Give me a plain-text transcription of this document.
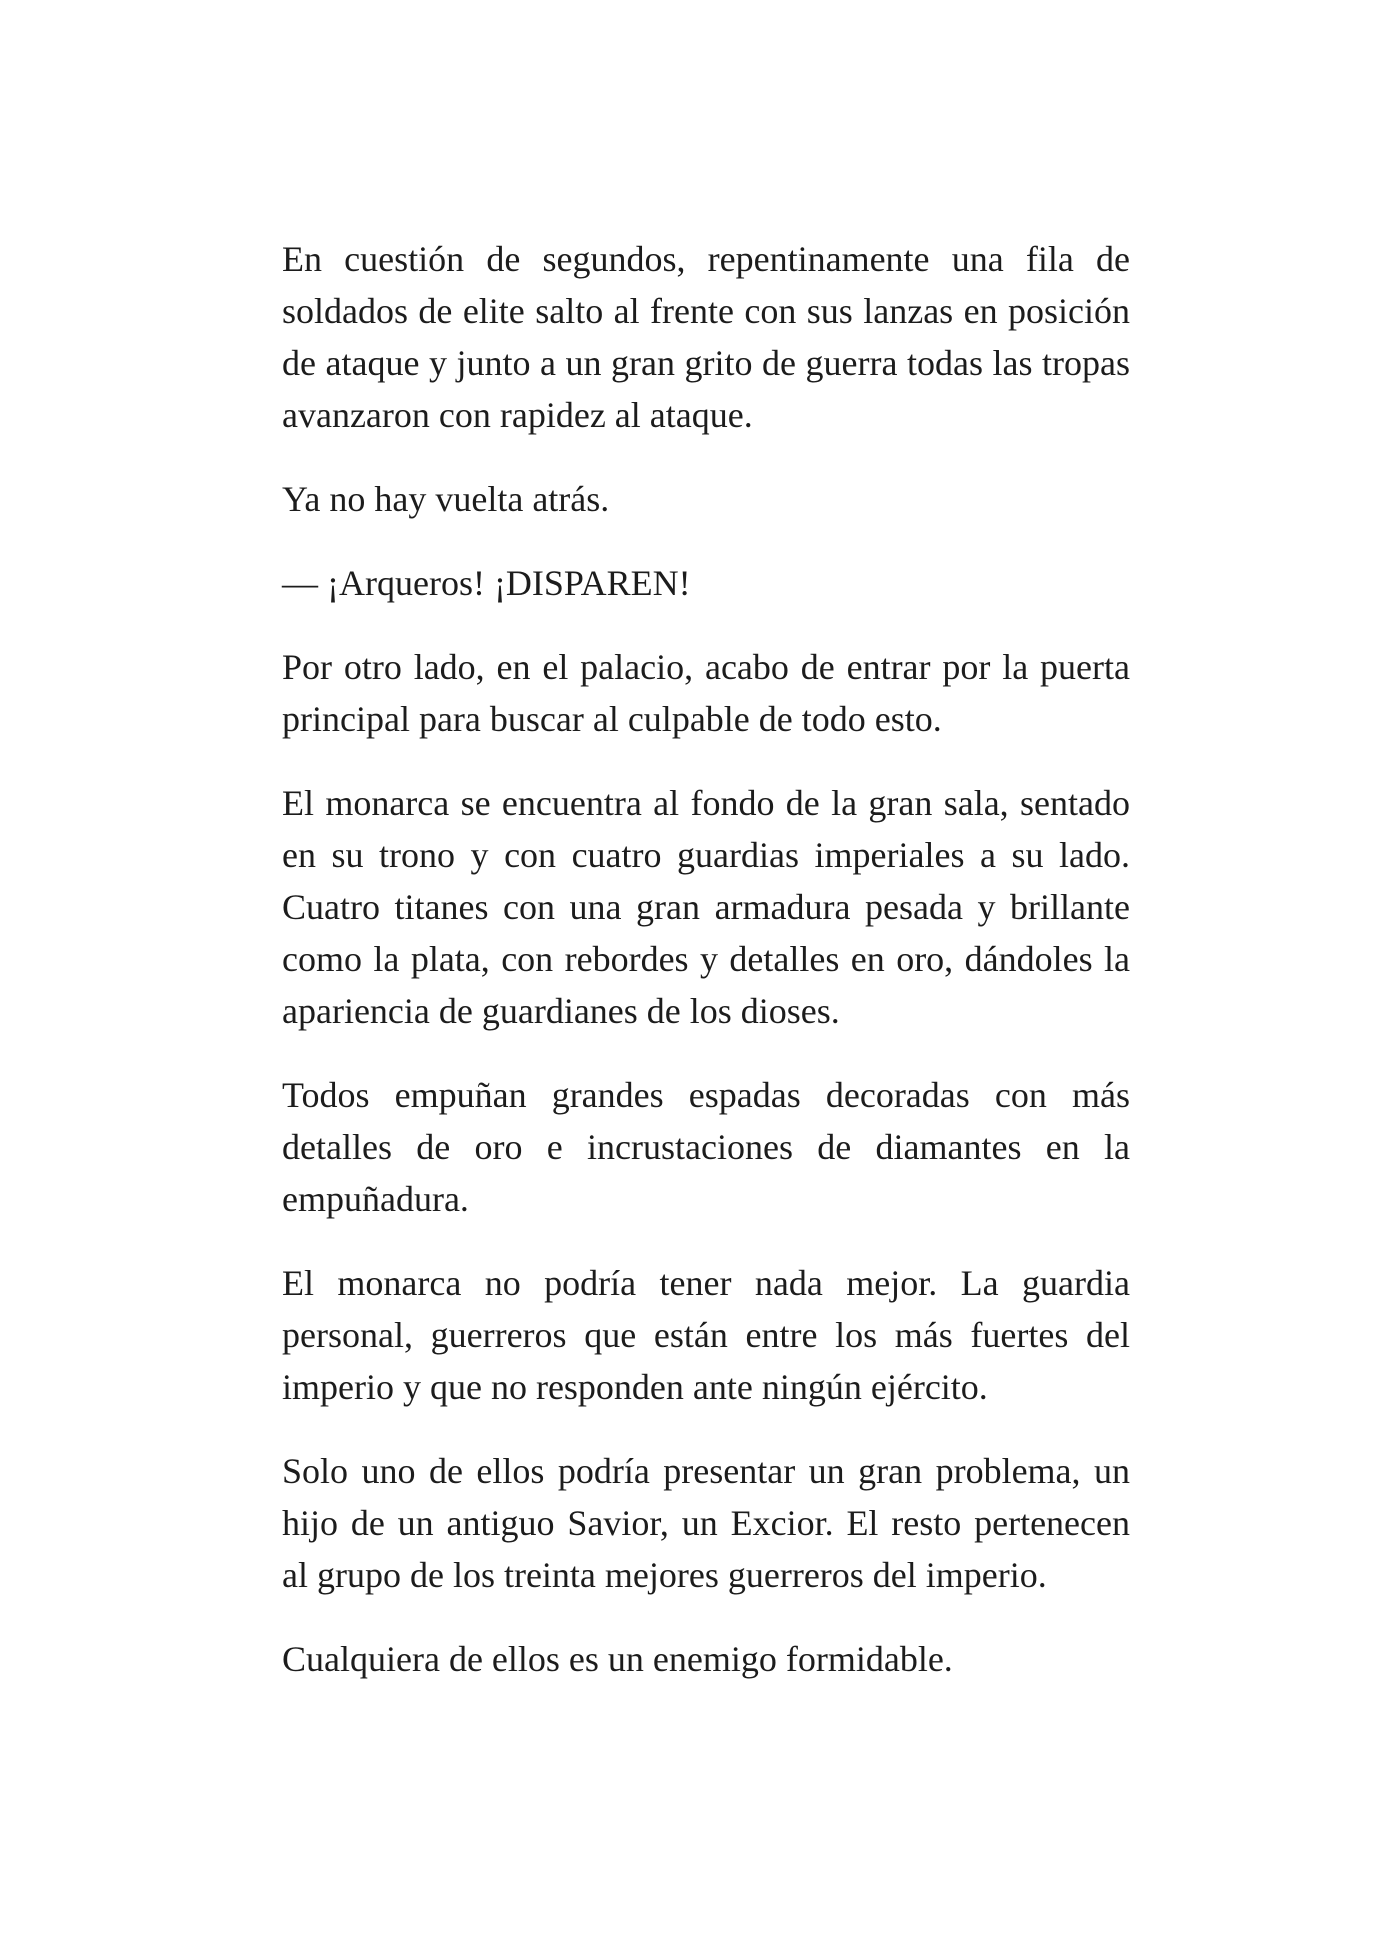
En cuestión de segundos, repentinamente una fila de soldados de elite salto al frente con sus lanzas en posición de ataque y junto a un gran grito de guerra todas las tropas avanzaron con rapidez al ataque.

Ya no hay vuelta atrás.

— ¡Arqueros! ¡DISPAREN!

Por otro lado, en el palacio, acabo de entrar por la puerta principal para buscar al culpable de todo esto.

El monarca se encuentra al fondo de la gran sala, sentado en su trono y con cuatro guardias imperiales a su lado. Cuatro titanes con una gran armadura pesada y brillante como la plata, con rebordes y detalles en oro, dándoles la apariencia de guardianes de los dioses.

Todos empuñan grandes espadas decoradas con más detalles de oro e incrustaciones de diamantes en la empuñadura.

El monarca no podría tener nada mejor. La guardia personal, guerreros que están entre los más fuertes del imperio y que no responden ante ningún ejército.

Solo uno de ellos podría presentar un gran problema, un hijo de un antiguo Savior, un Excior. El resto pertenecen al grupo de los treinta mejores guerreros del imperio.

Cualquiera de ellos es un enemigo formidable.
